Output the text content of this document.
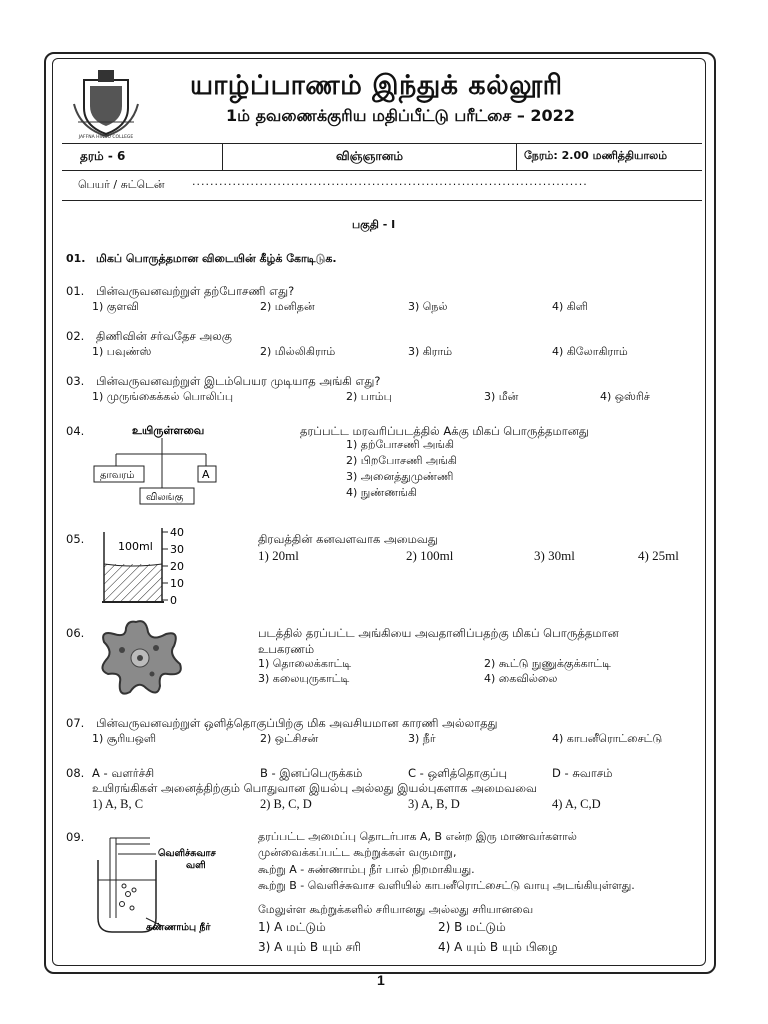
JAFFNA HINDU COLLEGE
யாழ்ப்பாணம் இந்துக் கல்லூரி
1ம் தவணைக்குரிய மதிப்பீட்டு பரீட்சை – 2022
தரம் - 6	விஞ்ஞானம்	நேரம்: 2.00 மணித்தியாலம்
பெயர் / சுட்டென் ........................................................................................
பகுதி - I
01. மிகப் பொருத்தமான விடையின் கீழ்க் கோடிடுக.
01. பின்வருவனவற்றுள் தற்போசணி எது?
1) குளவி	2) மனிதன்	3) நெல்	4) கிளி
02. திணிவின் சர்வதேச அலகு
1) பவுண்ஸ்	2) மில்லிகிராம்	3) கிராம்	4) கிலோகிராம்
03. பின்வருவனவற்றுள் இடம்பெயர முடியாத அங்கி எது?
1) முருங்கைக்கல் பொலிப்பு	2) பாம்பு	3) மீன்	4) ஒஸ்ரிச்
04.	உயிருள்ளவை
தாவரம்	A
விலங்கு
தரப்பட்ட மரவரிப்படத்தில் Aக்கு மிகப் பொருத்தமானது
1) தற்போசணி அங்கி
2) பிறபோசணி அங்கி
3) அனைத்துமுண்ணி
4) நுண்ணங்கி
05.
100ml
40
30
20
10
0
திரவத்தின் கனவளவாக அமைவது
1) 20ml	2) 100ml	3) 30ml	4) 25ml
06.	படத்தில் தரப்பட்ட அங்கியை அவதானிப்பதற்கு மிகப் பொருத்தமான
உபகரணம்
1) தொலைக்காட்டி	2) கூட்டு நுணுக்குக்காட்டி
3) கலையுருகாட்டி	4) கைவில்லை
07. பின்வருவனவற்றுள் ஒளித்தொகுப்பிற்கு மிக அவசியமான காரணி அல்லாதது
1) சூரியஒளி	2) ஒட்சிசன்	3) நீர்	4) காபனீரொட்சைட்டு
08. A - வளர்ச்சி	B - இனப்பெருக்கம்	C - ஒளித்தொகுப்பு	D - சுவாசம்
உயிரங்கிகள் அனைத்திற்கும் பொதுவான இயல்பு அல்லது இயல்புகளாக அமைவவை
1) A, B, C	2) B, C, D	3) A, B, D	4) A, C,D
09.
வெளிச்சுவாச
வளி
சுண்ணாம்பு நீர்
தரப்பட்ட அமைப்பு தொடர்பாக A, B என்ற இரு மாணவர்களால்
முன்வைக்கப்பட்ட கூற்றுக்கள் வருமாறு,
கூற்று A - சுண்ணாம்பு நீர் பால் நிறமாகியது.
கூற்று B - வெளிச்சுவாச வளியில் காபனீரொட்சைட்டு வாயு அடங்கியுள்ளது.
மேலுள்ள கூற்றுக்களில் சரியானது அல்லது சரியானவை
1) A மட்டும்	2) B மட்டும்
3) A யும் B யும் சரி	4) A யும் B யும் பிழை
1
